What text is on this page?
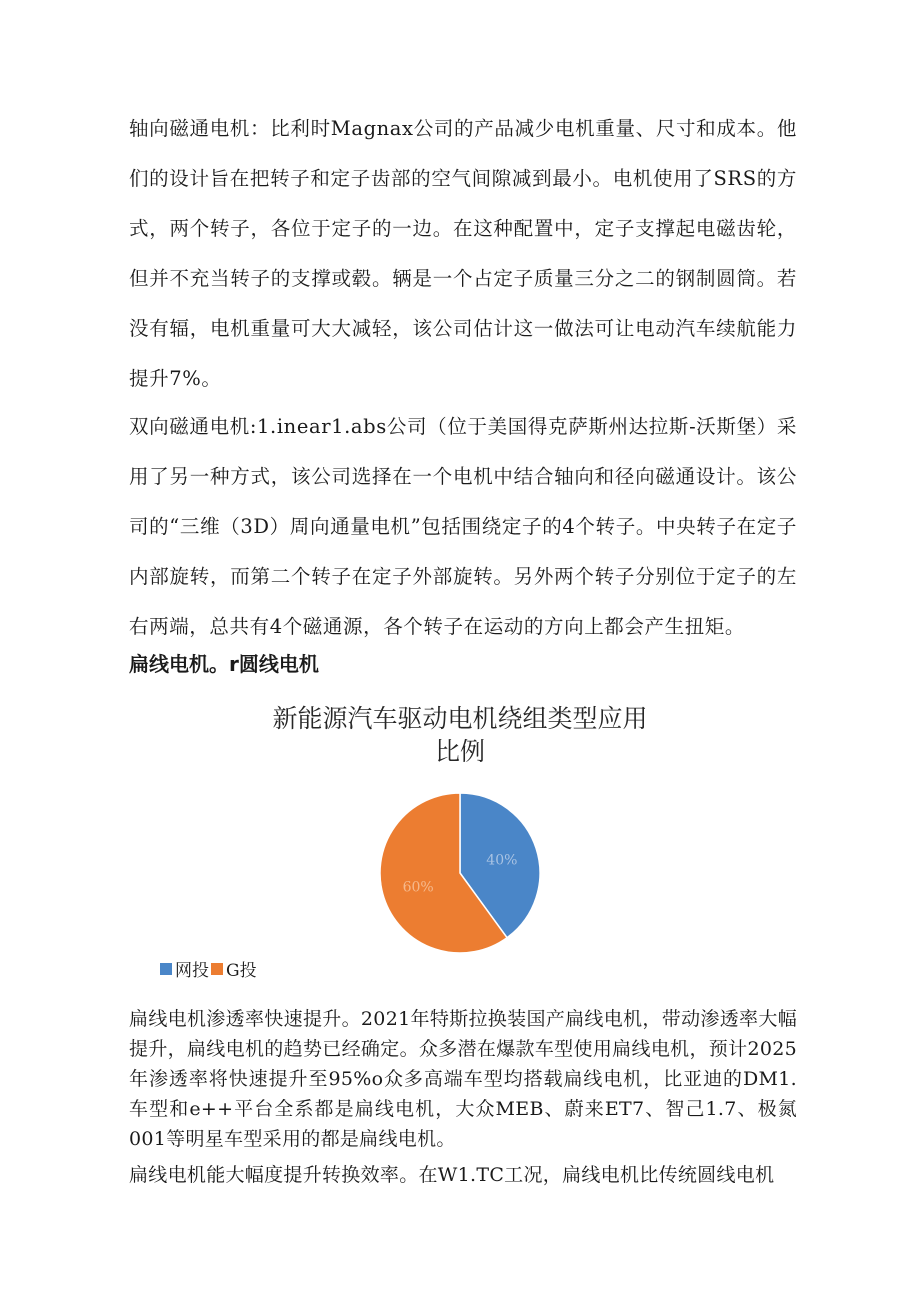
轴向磁通电机：比利时Magnax公司的产品减少电机重量、尺寸和成本。他们的设计旨在把转子和定子齿部的空气间隙减到最小。电机使用了SRS的方式，两个转子，各位于定子的一边。在这种配置中，定子支撑起电磁齿轮，但并不充当转子的支撑或毂。辆是一个占定子质量三分之二的钢制圆筒。若没有辐，电机重量可大大减轻，该公司估计这一做法可让电动汽车续航能力提升7%。

双向磁通电机:1.inear1.abs公司（位于美国得克萨斯州达拉斯-沃斯堡）采用了另一种方式，该公司选择在一个电机中结合轴向和径向磁通设计。该公司的“三维（3D）周向通量电机”包括围绕定子的4个转子。中央转子在定子内部旋转，而第二个转子在定子外部旋转。另外两个转子分别位于定子的左右两端，总共有4个磁通源，各个转子在运动的方向上都会产生扭矩。

扁线电机。r圆线电机
新能源汽车驱动电机绕组类型应用
比例
40%
60%
网投 G投

扁线电机渗透率快速提升。2021年特斯拉换装国产扁线电机，带动渗透率大幅提升，扁线电机的趋势已经确定。众多潜在爆款车型使用扁线电机，预计2025年渗透率将快速提升至95%o众多高端车型均搭载扁线电机，比亚迪的DM1.车型和e++平台全系都是扁线电机，大众MEB、蔚来ET7、智己1.7、极氮001等明星车型采用的都是扁线电机。

扁线电机能大幅度提升转换效率。在W1.TC工况，扁线电机比传统圆线电机
